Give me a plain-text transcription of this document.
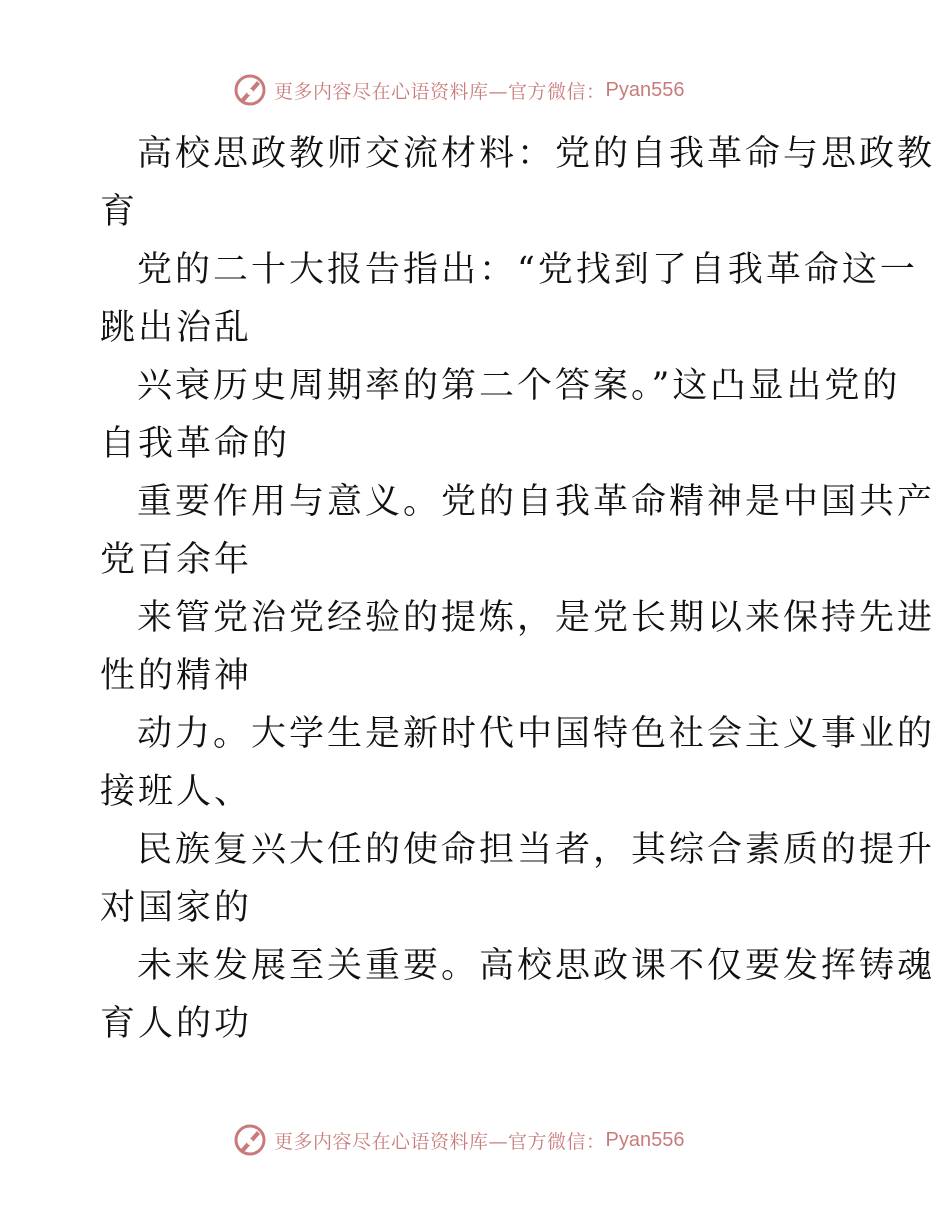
更多内容尽在心语资料库—官方微信： Pyan556
高校思政教师交流材料：党的自我革命与思政教
育
党的二十大报告指出：“党找到了自我革命这一
跳出治乱
兴衰历史周期率的第二个答案。”这凸显出党的
自我革命的
重要作用与意义。党的自我革命精神是中国共产
党百余年
来管党治党经验的提炼，是党长期以来保持先进
性的精神
动力。大学生是新时代中国特色社会主义事业的
接班人、
民族复兴大任的使命担当者，其综合素质的提升
对国家的
未来发展至关重要。高校思政课不仅要发挥铸魂
育人的功
更多内容尽在心语资料库—官方微信： Pyan556
